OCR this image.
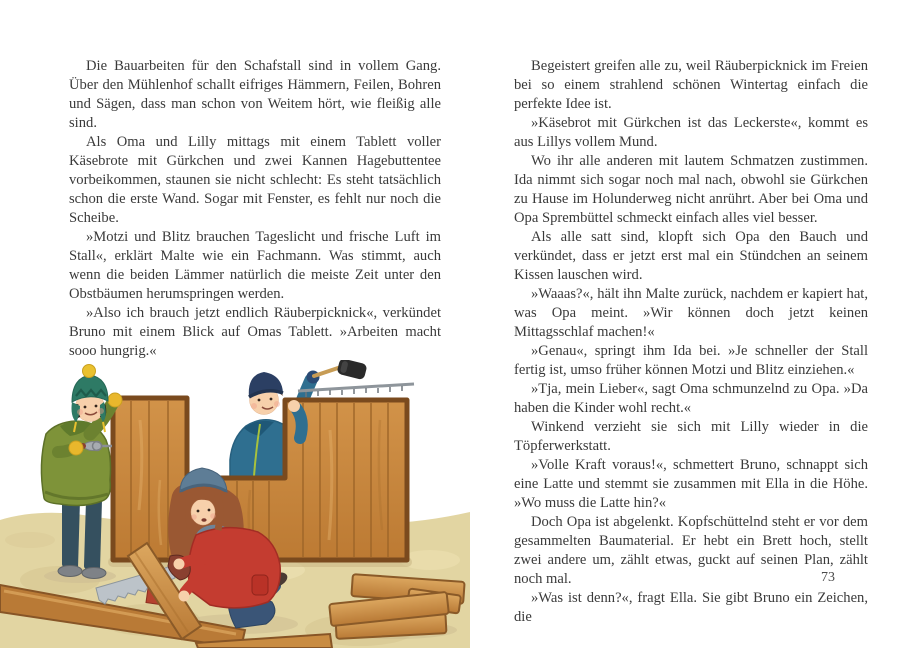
Die Bauarbeiten für den Schafstall sind in vollem Gang. Über den Mühlenhof schallt eifriges Hämmern, Feilen, Bohren und Sägen, dass man schon von Weitem hört, wie fleißig alle sind.

Als Oma und Lilly mittags mit einem Tablett voller Käsebrote mit Gürkchen und zwei Kannen Hagebuttentee vorbeikommen, staunen sie nicht schlecht: Es steht tatsächlich schon die erste Wand. Sogar mit Fenster, es fehlt nur noch die Scheibe.

»Motzi und Blitz brauchen Tageslicht und frische Luft im Stall«, erklärt Malte wie ein Fachmann. Was stimmt, auch wenn die beiden Lämmer natürlich die meiste Zeit unter den Obstbäumen herumspringen werden.

»Also ich brauch jetzt endlich Räuberpicknick«, verkündet Bruno mit einem Blick auf Omas Tablett. »Arbeiten macht sooo hungrig.«

Begeistert greifen alle zu, weil Räuberpicknick im Freien bei so einem strahlend schönen Wintertag einfach die perfekte Idee ist.

»Käsebrot mit Gürkchen ist das Leckerste«, kommt es aus Lillys vollem Mund.

Wo ihr alle anderen mit lautem Schmatzen zustimmen. Ida nimmt sich sogar noch mal nach, obwohl sie Gürkchen zu Hause im Holunderweg nicht anrührt. Aber bei Oma und Opa Sprembüttel schmeckt einfach alles viel besser.

Als alle satt sind, klopft sich Opa den Bauch und verkündet, dass er jetzt erst mal ein Stündchen an seinem Kissen lauschen wird.

»Waaas?«, hält ihn Malte zurück, nachdem er kapiert hat, was Opa meint. »Wir können doch jetzt keinen Mittagsschlaf machen!«

»Genau«, springt ihm Ida bei. »Je schneller der Stall fertig ist, umso früher können Motzi und Blitz einziehen.«

»Tja, mein Lieber«, sagt Oma schmunzelnd zu Opa. »Da haben die Kinder wohl recht.«

Winkend verzieht sie sich mit Lilly wieder in die Töpferwerkstatt.

»Volle Kraft voraus!«, schmettert Bruno, schnappt sich eine Latte und stemmt sie zusammen mit Ella in die Höhe. »Wo muss die Latte hin?«

Doch Opa ist abgelenkt. Kopfschüttelnd steht er vor dem gesammelten Baumaterial. Er hebt ein Brett hoch, stellt zwei andere um, zählt etwas, guckt auf seinen Plan, zählt noch mal.

»Was ist denn?«, fragt Ella. Sie gibt Bruno ein Zeichen, die

73
